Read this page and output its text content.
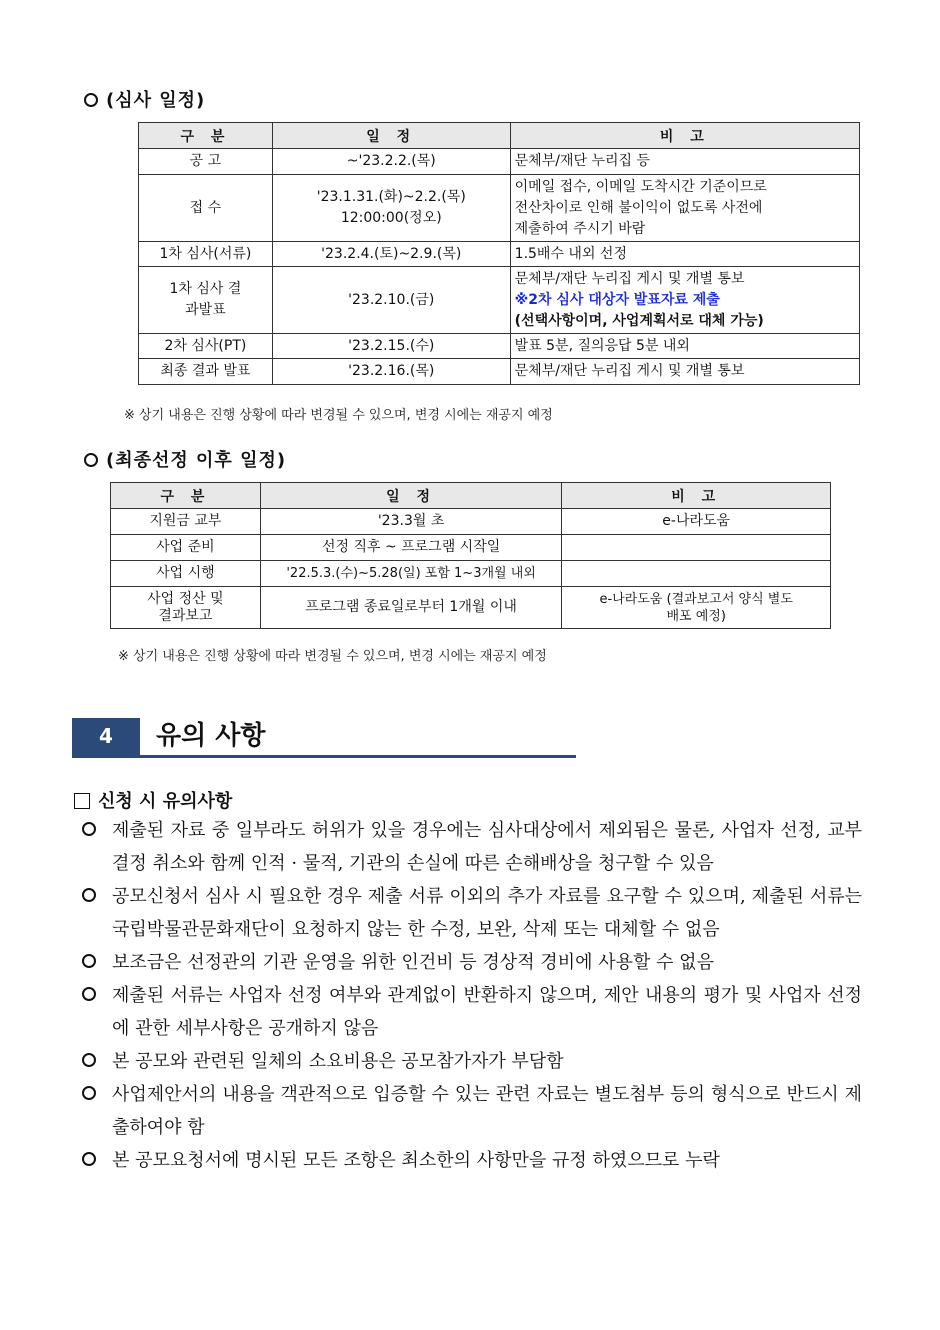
(심사 일정)
구 분	일 정	비 고
공 고	~'23.2.2.(목)	문체부/재단 누리집 등

접 수	'23.1.31.(화)~2.2.(목) 12:00:00(정오)	이메일 접수, 이메일 도착시간 기준이므로
전산차이로 인해 불이익이 없도록 사전에
제출하여 주시기 바람

1차 심사(서류)	'23.2.4.(토)~2.9.(목)	1.5배수 내외 선정

1차 심사 결과발표	'23.2.10.(금)	문체부/재단 누리집 게시 및 개별 통보
※2차 심사 대상자 발표자료 제출
(선택사항이며, 사업계획서로 대체 가능)

2차 심사(PT)	'23.2.15.(수)	발표 5분, 질의응답 5분 내외

최종 결과 발표	'23.2.16.(목)	문체부/재단 누리집 게시 및 개별 통보
※ 상기 내용은 진행 상황에 따라 변경될 수 있으며, 변경 시에는 재공지 예정
(최종선정 이후 일정)
구 분	일 정	비 고
지원금 교부	'23.3월 초	e-나라도움
사업 준비	선정 직후 ~ 프로그램 시작일	
사업 시행	'22.5.3.(수)~5.28(일) 포함 1~3개월 내외	
사업 정산 및 결과보고	프로그램 종료일로부터 1개월 이내	e-나라도움 (결과보고서 양식 별도 배포 예정)
※ 상기 내용은 진행 상황에 따라 변경될 수 있으며, 변경 시에는 재공지 예정
4	유의 사항
신청 시 유의사항
제출된 자료 중 일부라도 허위가 있을 경우에는 심사대상에서 제외됨은 물론, 사업자 선정, 교부 결정 취소와 함께 인적 · 물적, 기관의 손실에 따른 손해배상을 청구할 수 있음
공모신청서 심사 시 필요한 경우 제출 서류 이외의 추가 자료를 요구할 수 있으며, 제출된 서류는 국립박물관문화재단이 요청하지 않는 한 수정, 보완, 삭제 또는 대체할 수 없음
보조금은 선정관의 기관 운영을 위한 인건비 등 경상적 경비에 사용할 수 없음
제출된 서류는 사업자 선정 여부와 관계없이 반환하지 않으며, 제안 내용의 평가 및 사업자 선정에 관한 세부사항은 공개하지 않음
본 공모와 관련된 일체의 소요비용은 공모참가자가 부담함
사업제안서의 내용을 객관적으로 입증할 수 있는 관련 자료는 별도첨부 등의 형식으로 반드시 제출하여야 함
본 공모요청서에 명시된 모든 조항은 최소한의 사항만을 규정 하였으므로 누락
